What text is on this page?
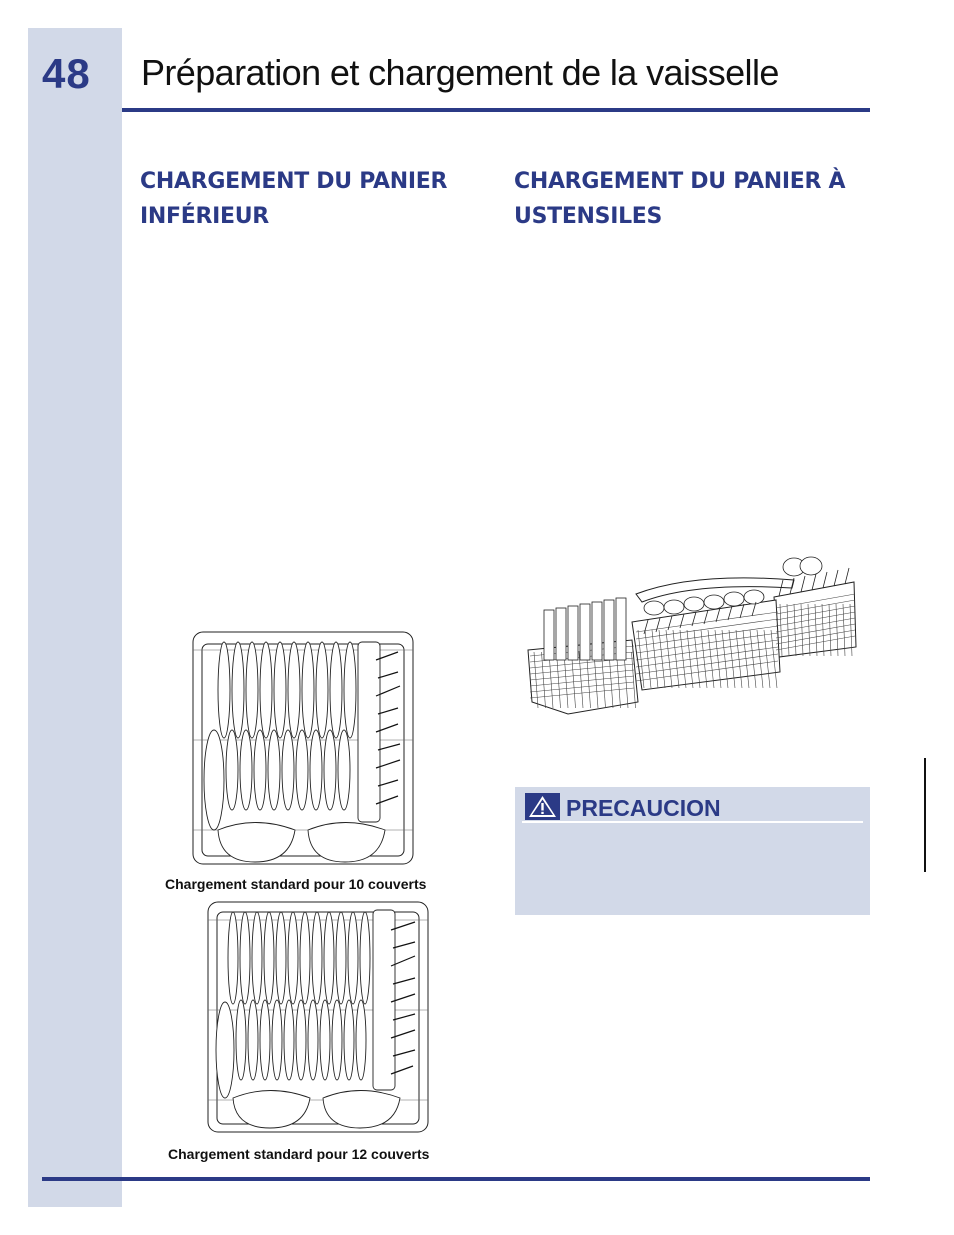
48 Préparation et chargement de la vaisselle
CHARGEMENT DU PANIER
INFÉRIEUR
CHARGEMENT DU PANIER À
USTENSILES
Chargement standard pour 10 couverts
Chargement standard pour 12 couverts
PRECAUCION
